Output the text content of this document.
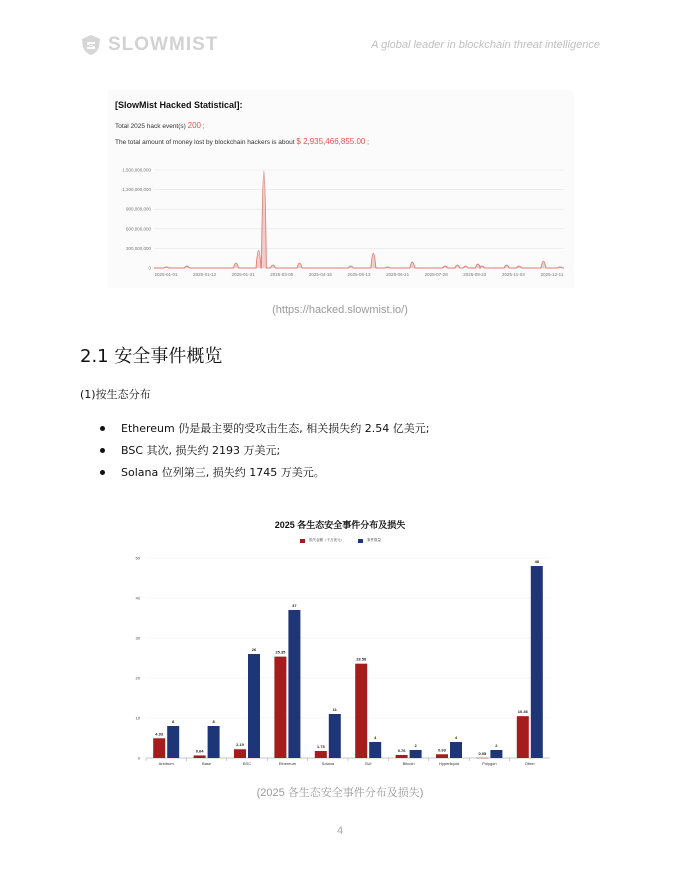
SLOWMIST	A global leader in blockchain threat intelligence
[SlowMist Hacked Statistical]:
Total 2025 hack event(s) 200 ;
The total amount of money lost by blockchain hackers is about $ 2,935,466,855.00 ;
0
300,000,000
600,000,000
900,000,000
1,200,000,000
1,500,000,000
2025-01-01	2025-01-12	2025-01-31	2025-03-05	2025-04-15	2025-05-13	2025-06-21	2025-07-28	2025-09-23	2025-11-03	2025-12-11
(https://hacked.slowmist.io/)
2.1 安全事件概览
(1)按生态分布
Ethereum 仍是最主要的受攻击生态, 相关损失约 2.54 亿美元;
BSC 其次, 损失约 2193 万美元;
Solana 位列第三, 损失约 1745 万美元。
2025 各生态安全事件分布及损失
损失金额（千万美元）	事件数量
0
10
20
30
40
50
4.93
8
Arbitrum
0.64
8
Base
2.19
26
BSC
25.35
37
Ethereum
1.75
11
Solana
23.58
4
SUI
0.76
2
Bitcoin
0.93
4
Hyperliquid
0.05
2
Polygon
10.46
48
Other
(2025 各生态安全事件分布及损失)
4
